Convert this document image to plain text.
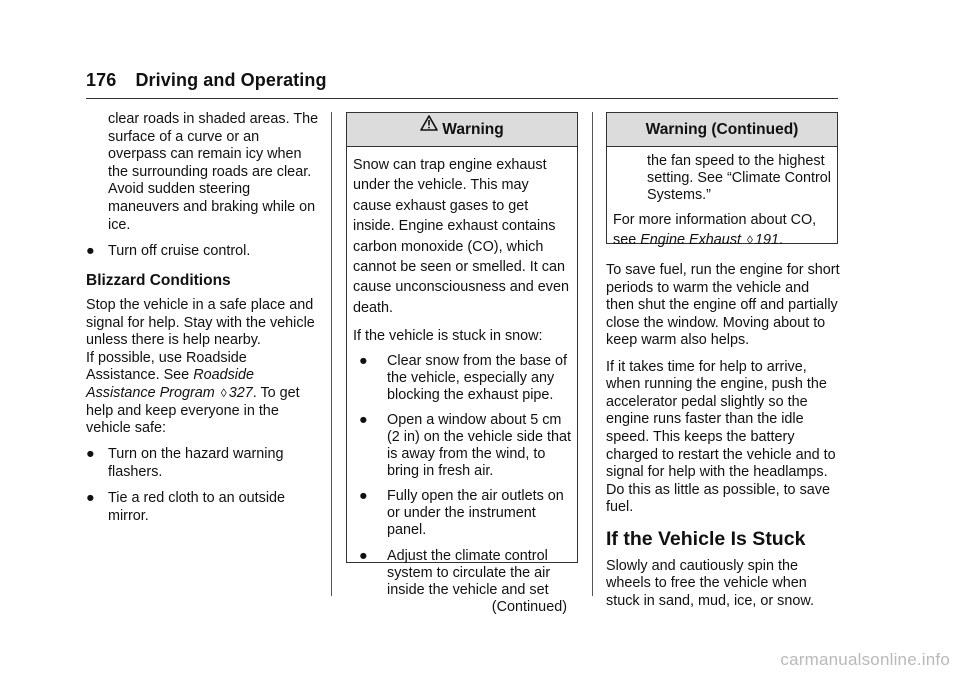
176 Driving and Operating

clear roads in shaded areas. The surface of a curve or an overpass can remain icy when the surrounding roads are clear. Avoid sudden steering maneuvers and braking while on ice.

● Turn off cruise control.

Blizzard Conditions

Stop the vehicle in a safe place and signal for help. Stay with the vehicle unless there is help nearby.

If possible, use Roadside Assistance. See Roadside Assistance Program ◊ 327. To get help and keep everyone in the vehicle safe:

● Turn on the hazard warning flashers.
● Tie a red cloth to an outside mirror.
Warning

Snow can trap engine exhaust under the vehicle. This may cause exhaust gases to get inside. Engine exhaust contains carbon monoxide (CO), which cannot be seen or smelled. It can cause unconsciousness and even death.

If the vehicle is stuck in snow:

●	Clear snow from the base of the vehicle, especially any blocking the exhaust pipe.
●	Open a window about 5 cm (2 in) on the vehicle side that is away from the wind, to bring in fresh air.
●	Fully open the air outlets on or under the instrument panel.
●	Adjust the climate control system to circulate the air inside the vehicle and set
(Continued)
Warning (Continued)

the fan speed to the highest setting. See “Climate Control Systems.”

For more information about CO, see Engine Exhaust ◊ 191.

To save fuel, run the engine for short periods to warm the vehicle and then shut the engine off and partially close the window. Moving about to keep warm also helps.

If it takes time for help to arrive, when running the engine, push the accelerator pedal slightly so the engine runs faster than the idle speed. This keeps the battery charged to restart the vehicle and to signal for help with the headlamps. Do this as little as possible, to save fuel.

If the Vehicle Is Stuck

Slowly and cautiously spin the wheels to free the vehicle when stuck in sand, mud, ice, or snow.

carmanualsonline.info
